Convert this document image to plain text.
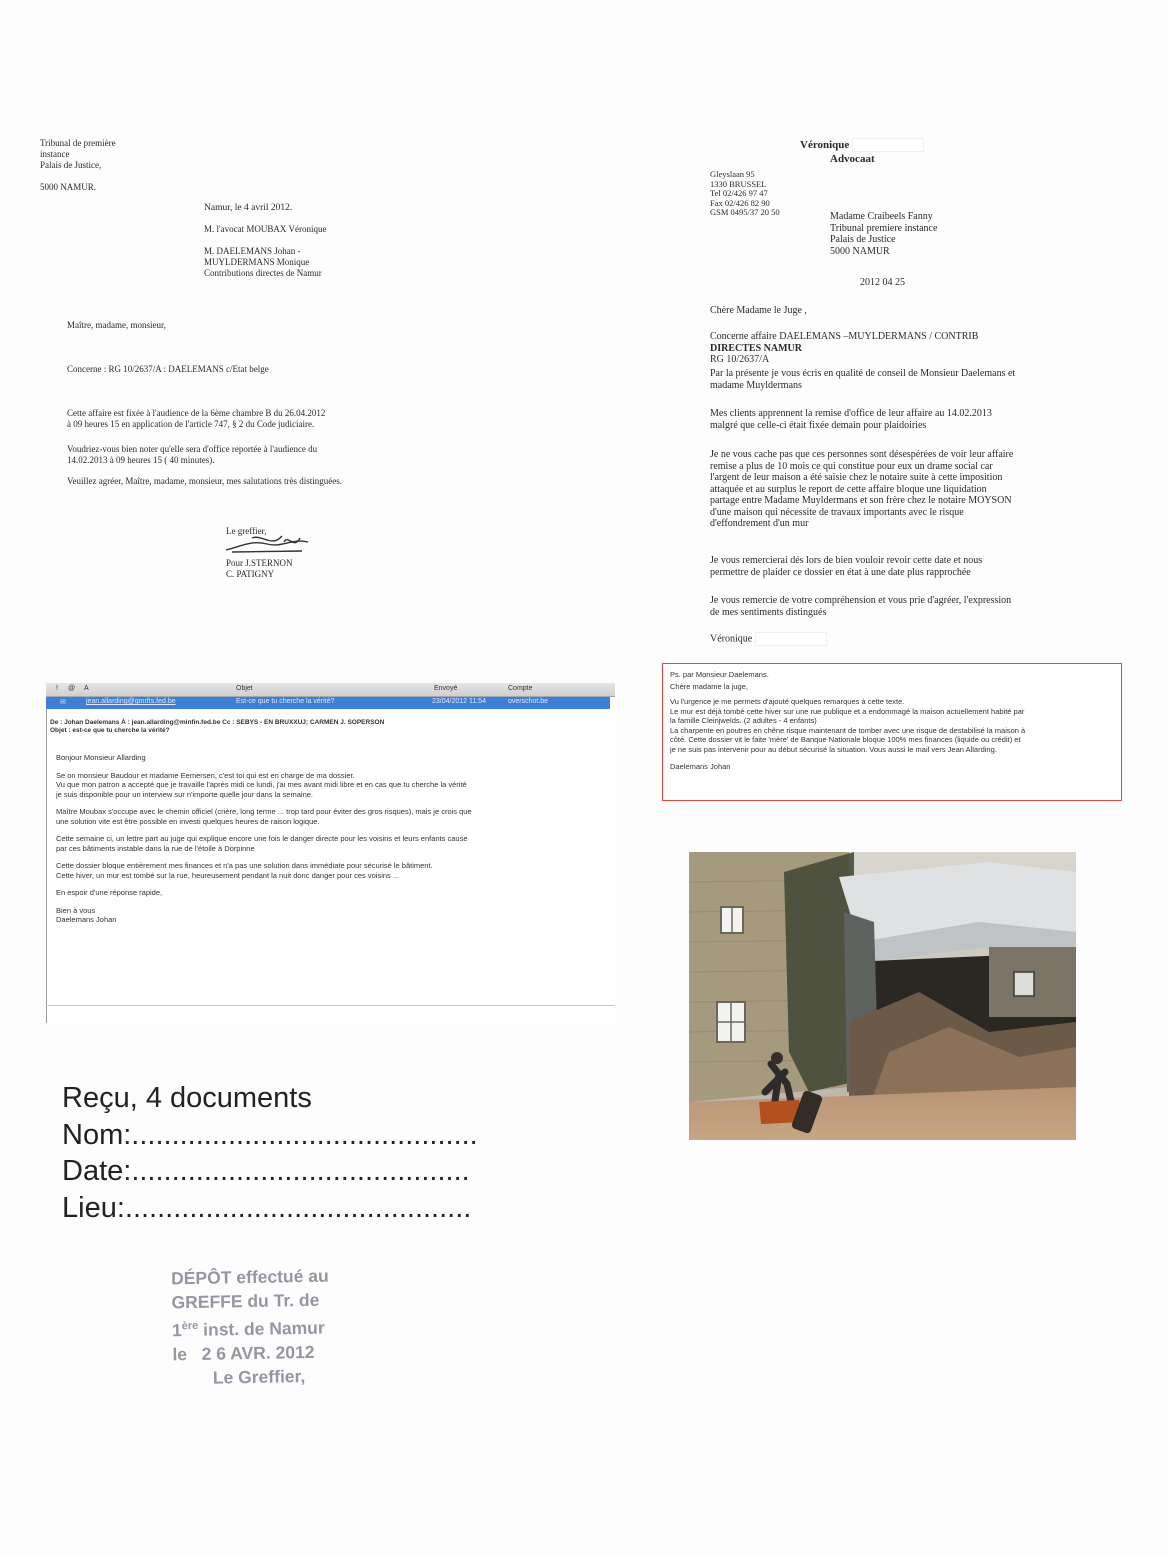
Tribunal de première
instance
Palais de Justice,
5000 NAMUR.
Namur, le 4 avril 2012.
M. l'avocat MOUBAX Véronique
M. DAELEMANS Johan -
MUYLDERMANS Monique
Contributions directes de Namur
Maître, madame, monsieur,
Concerne : RG 10/2637/A : DAELEMANS c/Etat belge
Cette affaire est fixée à l'audience de la 6ème chambre B du 26.04.2012
à 09 heures 15 en application de l'article 747, § 2 du Code judiciaire.
Voudriez-vous bien noter qu'elle sera d'office reportée à l'audience du
14.02.2013 à 09 heures 15 ( 40 minutes).
Veuillez agréer, Maître, madame, monsieur, mes salutations très distinguées.
Le greffier,
Pour J.STERNON
C. PATIGNY
Véronique
Advocaat
Gleyslaan 95
1330 BRUSSEL
Tel 02/426 97 47
Fax 02/426 82 90
GSM 0495/37 20 50	Madame Craibeels Fanny
Tribunal premiere instance
Palais de Justice
5000 NAMUR
2012 04 25
Chère Madame le Juge ,
Concerne affaire DAELEMANS –MUYLDERMANS / CONTRIB
DIRECTES NAMUR
RG 10/2637/A
Par la présente je vous écris en qualité de conseil de Monsieur Daelemans et
madame Muyldermans
Mes clients apprennent la remise d'office de leur affaire au 14.02.2013
malgré que celle-ci était fixée demain pour plaidoiries
Je ne vous cache pas que ces personnes sont désespérées de voir leur affaire
remise a plus de 10 mois ce qui constitue pour eux un drame social car
l'argent de leur maison a été saisie chez le notaire suite à cette imposition
attaquée et au surplus le report de cette affaire bloque une liquidation
partage entre Madame Muyldermans et son frère chez le notaire MOYSON
d'une maison qui nécessite de travaux importants avec le risque
d'effondrement d'un mur
Je vous remercierai dés lors de bien vouloir revoir cette date et nous
permettre de plaider ce dossier en état à une date plus rapprochée
Je vous remercie de votre compréhension et vous prie d'agréer, l'expression
de mes sentiments distingués
Véronique
Ps. par Monsieur Daelemans.
Chère madame la juge,
Vu l'urgence je me permets d'ajouté quelques remarques à cette texte.
Le mur est déjà tombé cette hiver sur une rue publique et a endommagé la maison actuellement habité par
la famille Cleinjwelds. (2 adultes - 4 enfants)
La charpente en poutres en chêne risque maintenant de tomber avec une risque de destabilisé la maison à
côté. Cette dossier vit le faite 'mère' de Banque Nationale bloque 100% mes finances (liquide ou crédit) et
je ne suis pas intervenir pour au début sécurisé la situation. Vous aussi le mail vers Jean Allarding.
Daelemans Johan
! @ A	Objet	Envoyé	Compte
✉	jean.allarding@gmrfts.fed.be	Est-ce que tu cherche la vérité?	23/04/2012 11:54	overschot.be
De : Johan Daelemans À : jean.allarding@minfin.fed.be Cc : SEBYS - EN BRUXXUJ; CARMEN J. SOPERSON
Objet : est-ce que tu cherche la vérité?
Bonjour Monsieur Allarding
Se on monsieur Baudour et madame Eemersen, c'est toi qui est en charge de ma dossier.
Vu que mon patron a accepté que je travaille l'après midi ce lundi, j'ai mes avant midi libre et en cas que tu cherche la vérité
je suis disponible pour un interview sur n'importe quelle jour dans la semaine.
Maître Moubax s'occupe avec le chemin officiel (crière, long terme ... trop tard pour éviter des gros risques), mais je crois que
une solution vite est être possible en investi quelques heures de raison logique.
Cette semaine ci, un lettre part au juge qui explique encore une fois le danger directe pour les voisins et leurs enfants cause
par ces bâtiments instable dans la rue de l'étoile à Dorpinne
Cette dossier bloque entièrement mes finances et n'a pas une solution dans immédiate pour sécurisé le bâtiment.
Cette hiver, un mur est tombé sur la rue, heureusement pendant la nuit donc danger pour ces voisins ...
En espoir d'une réponse rapide,
Bien à vous
Daelemans Johan
Reçu, 4 documents
Nom:...........................................
Date:..........................................
Lieu:...........................................
DÉPÔT effectué au
GREFFE du Tr. de
1ère inst. de Namur
le   2 6 AVR. 2012
Le Greffier,
